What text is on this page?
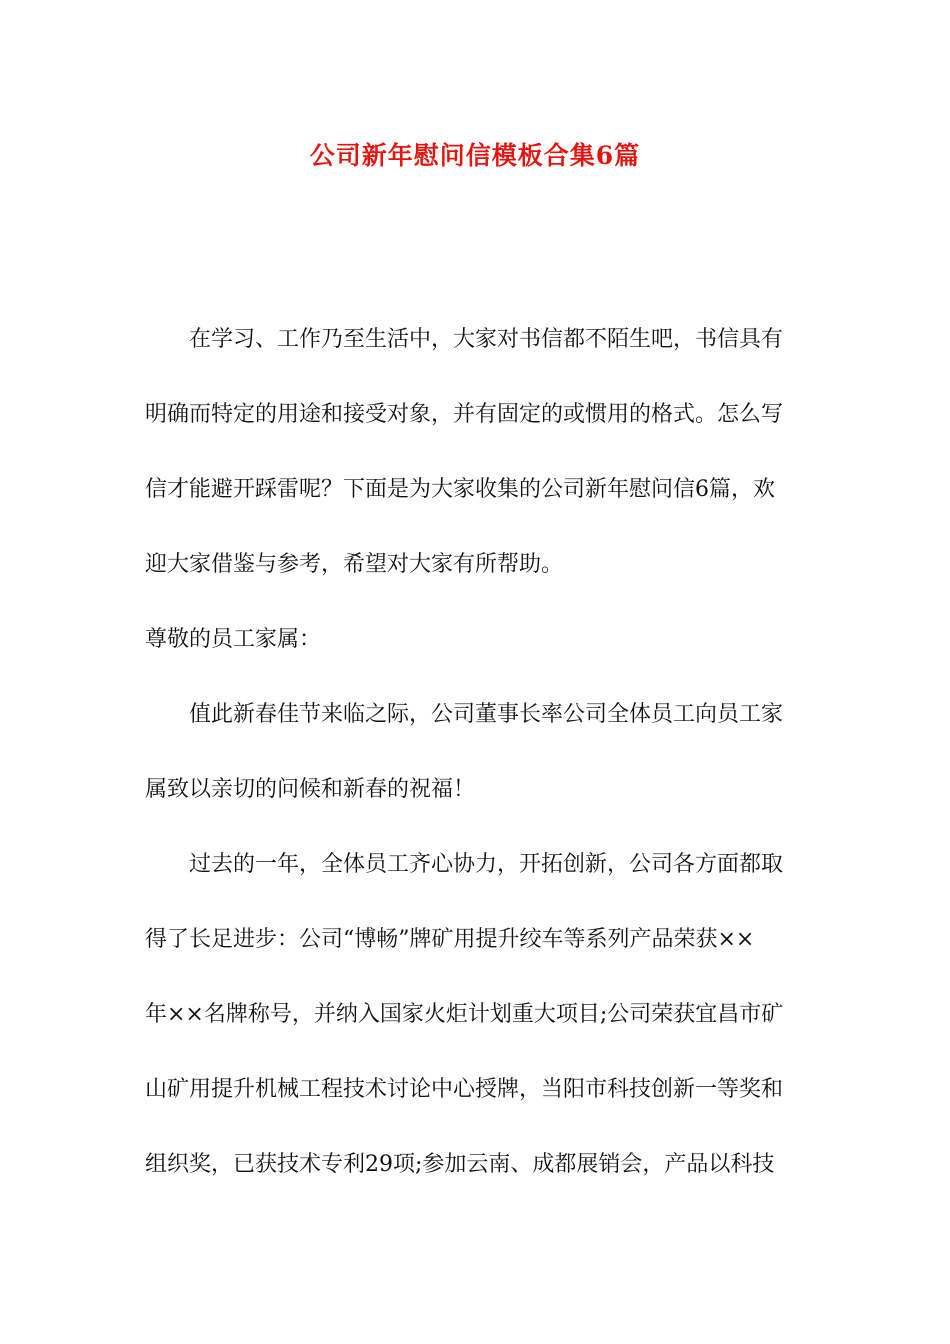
公司新年慰问信模板合集6篇
在学习、工作乃至生活中，大家对书信都不陌生吧，书信具有
明确而特定的用途和接受对象，并有固定的或惯用的格式。怎么写
信才能避开踩雷呢？下面是为大家收集的公司新年慰问信6篇，欢
迎大家借鉴与参考，希望对大家有所帮助。
尊敬的员工家属：
值此新春佳节来临之际，公司董事长率公司全体员工向员工家
属致以亲切的问候和新春的祝福！
过去的一年，全体员工齐心协力，开拓创新，公司各方面都取
得了长足进步：公司“博畅”牌矿用提升绞车等系列产品荣获××
年××名牌称号，并纳入国家火炬计划重大项目;公司荣获宜昌市矿
山矿用提升机械工程技术讨论中心授牌，当阳市科技创新一等奖和
组织奖，已获技术专利29项;参加云南、成都展销会，产品以科技
